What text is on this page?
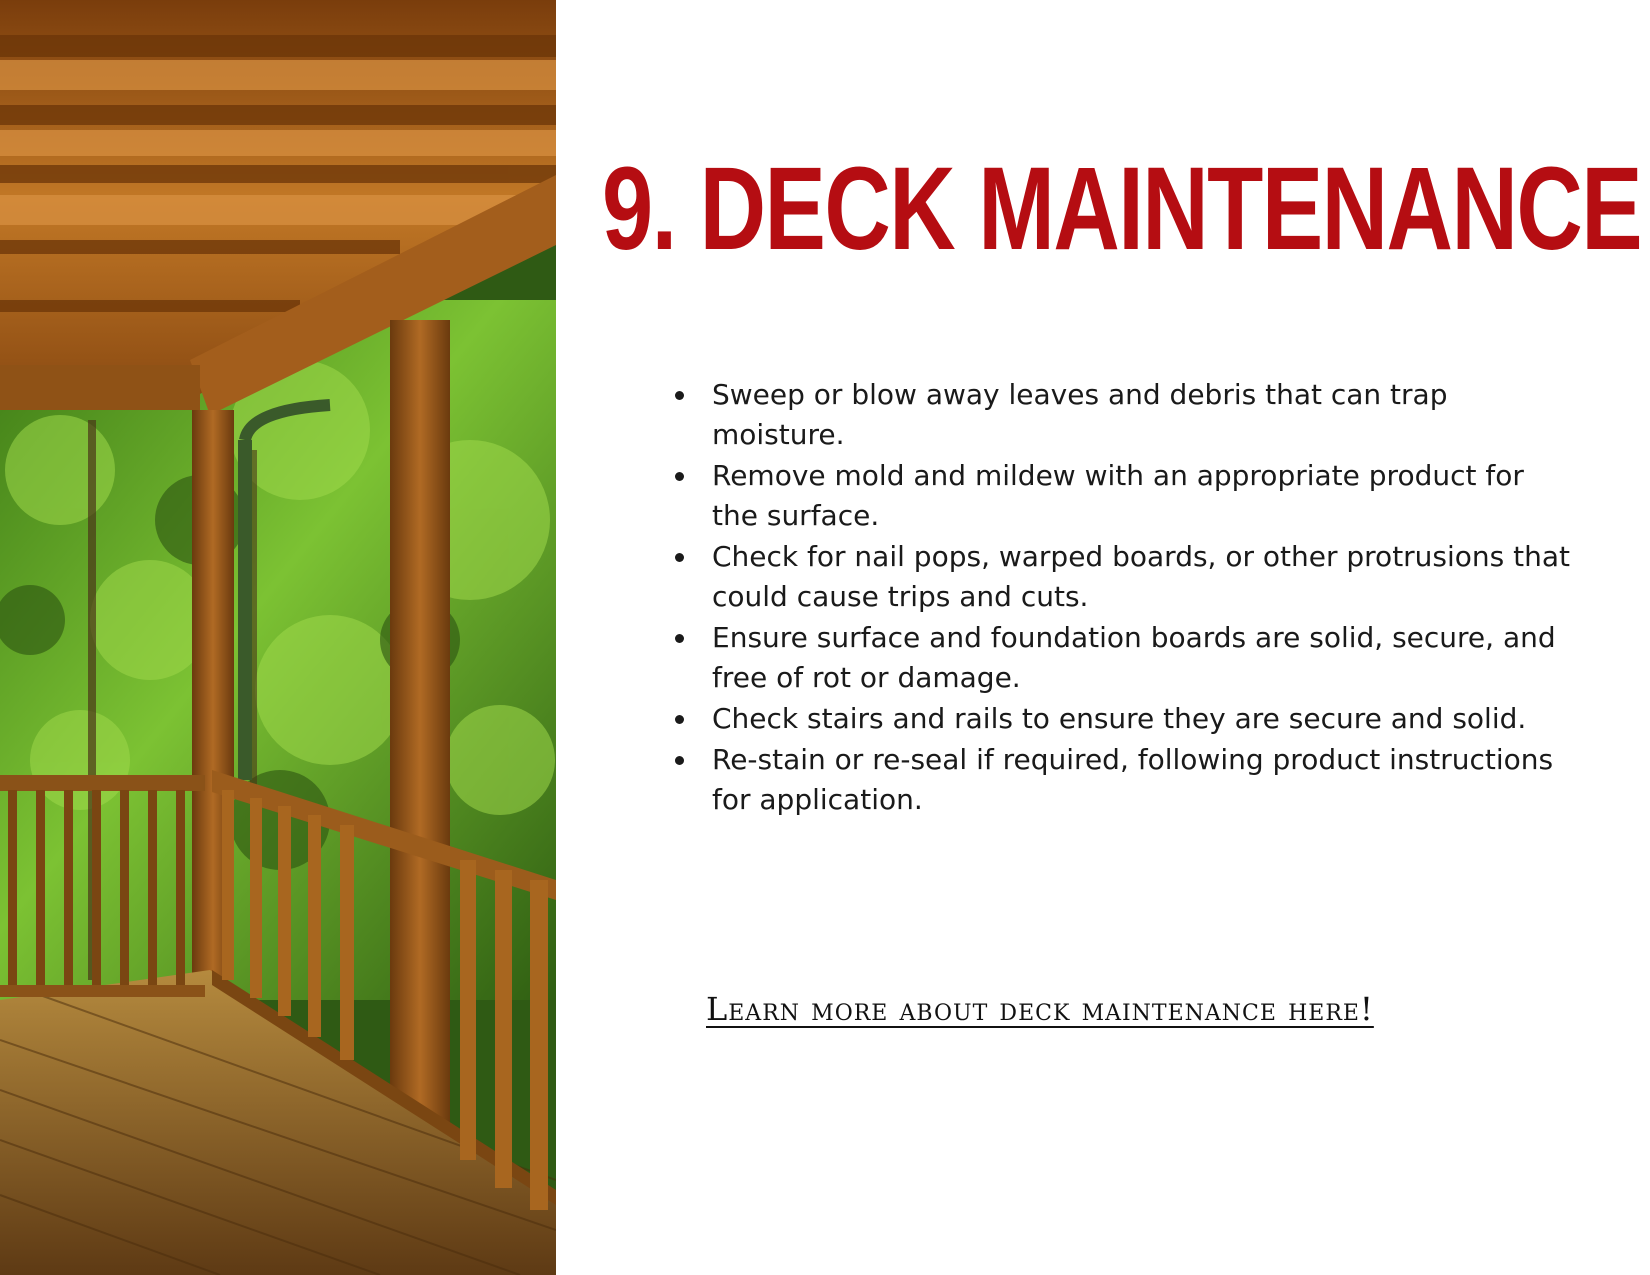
9. DECK MAINTENANCE
Sweep or blow away leaves and debris that can trap moisture.
Remove mold and mildew with an appropriate product for the surface.
Check for nail pops, warped boards, or other protrusions that could cause trips and cuts.
Ensure surface and foundation boards are solid, secure, and free of rot or damage.
Check stairs and rails to ensure they are secure and solid.
Re-stain or re-seal if required, following product instructions for application.
Learn more about deck maintenance here!
